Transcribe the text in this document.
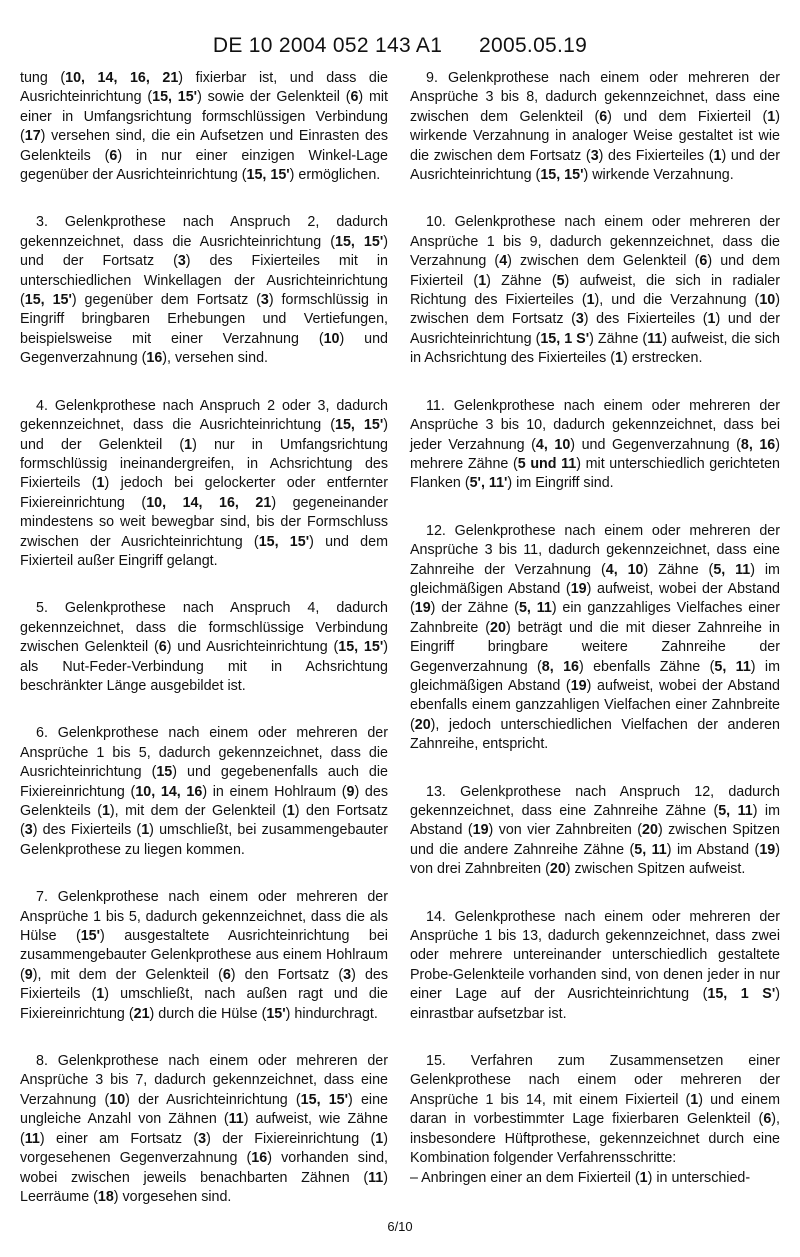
DE 10 2004 052 143 A1 2005.05.19

tung (10, 14, 16, 21) fixierbar ist, und dass die Ausrichteinrichtung (15, 15') sowie der Gelenkteil (6) mit einer in Umfangsrichtung formschlüssigen Verbindung (17) versehen sind, die ein Aufsetzen und Einrasten des Gelenkteils (6) in nur einer einzigen Winkel-Lage gegenüber der Ausrichteinrichtung (15, 15') ermöglichen.

3. Gelenkprothese nach Anspruch 2, dadurch gekennzeichnet, dass die Ausrichteinrichtung (15, 15') und der Fortsatz (3) des Fixierteiles mit in unterschiedlichen Winkellagen der Ausrichteinrichtung (15, 15') gegenüber dem Fortsatz (3) formschlüssig in Eingriff bringbaren Erhebungen und Vertiefungen, beispielsweise mit einer Verzahnung (10) und Gegenverzahnung (16), versehen sind.

4. Gelenkprothese nach Anspruch 2 oder 3, dadurch gekennzeichnet, dass die Ausrichteinrichtung (15, 15') und der Gelenkteil (1) nur in Umfangsrichtung formschlüssig ineinandergreifen, in Achsrichtung des Fixierteils (1) jedoch bei gelockerter oder entfernter Fixiereinrichtung (10, 14, 16, 21) gegeneinander mindestens so weit bewegbar sind, bis der Formschluss zwischen der Ausrichteinrichtung (15, 15') und dem Fixierteil außer Eingriff gelangt.

5. Gelenkprothese nach Anspruch 4, dadurch gekennzeichnet, dass die formschlüssige Verbindung zwischen Gelenkteil (6) und Ausrichteinrichtung (15, 15') als Nut-Feder-Verbindung mit in Achsrichtung beschränkter Länge ausgebildet ist.

6. Gelenkprothese nach einem oder mehreren der Ansprüche 1 bis 5, dadurch gekennzeichnet, dass die Ausrichteinrichtung (15) und gegebenenfalls auch die Fixiereinrichtung (10, 14, 16) in einem Hohlraum (9) des Gelenkteils (1), mit dem der Gelenkteil (1) den Fortsatz (3) des Fixierteils (1) umschließt, bei zusammengebauter Gelenkprothese zu liegen kommen.

7. Gelenkprothese nach einem oder mehreren der Ansprüche 1 bis 5, dadurch gekennzeichnet, dass die als Hülse (15') ausgestaltete Ausrichteinrichtung bei zusammengebauter Gelenkprothese aus einem Hohlraum (9), mit dem der Gelenkteil (6) den Fortsatz (3) des Fixierteils (1) umschließt, nach außen ragt und die Fixiereinrichtung (21) durch die Hülse (15') hindurchragt.

8. Gelenkprothese nach einem oder mehreren der Ansprüche 3 bis 7, dadurch gekennzeichnet, dass eine Verzahnung (10) der Ausrichteinrichtung (15, 15') eine ungleiche Anzahl von Zähnen (11) aufweist, wie Zähne (11) einer am Fortsatz (3) der Fixiereinrichtung (1) vorgesehenen Gegenverzahnung (16) vorhanden sind, wobei zwischen jeweils benachbarten Zähnen (11) Leerräume (18) vorgesehen sind.

9. Gelenkprothese nach einem oder mehreren der Ansprüche 3 bis 8, dadurch gekennzeichnet, dass eine zwischen dem Gelenkteil (6) und dem Fixierteil (1) wirkende Verzahnung in analoger Weise gestaltet ist wie die zwischen dem Fortsatz (3) des Fixierteiles (1) und der Ausrichteinrichtung (15, 15') wirkende Verzahnung.

10. Gelenkprothese nach einem oder mehreren der Ansprüche 1 bis 9, dadurch gekennzeichnet, dass die Verzahnung (4) zwischen dem Gelenkteil (6) und dem Fixierteil (1) Zähne (5) aufweist, die sich in radialer Richtung des Fixierteiles (1), und die Verzahnung (10) zwischen dem Fortsatz (3) des Fixierteiles (1) und der Ausrichteinrichtung (15, 1 S') Zähne (11) aufweist, die sich in Achsrichtung des Fixierteiles (1) erstrecken.

11. Gelenkprothese nach einem oder mehreren der Ansprüche 3 bis 10, dadurch gekennzeichnet, dass bei jeder Verzahnung (4, 10) und Gegenverzahnung (8, 16) mehrere Zähne (5 und 11) mit unterschiedlich gerichteten Flanken (5', 11') im Eingriff sind.

12. Gelenkprothese nach einem oder mehreren der Ansprüche 3 bis 11, dadurch gekennzeichnet, dass eine Zahnreihe der Verzahnung (4, 10) Zähne (5, 11) im gleichmäßigen Abstand (19) aufweist, wobei der Abstand (19) der Zähne (5, 11) ein ganzzahliges Vielfaches einer Zahnbreite (20) beträgt und die mit dieser Zahnreihe in Eingriff bringbare weitere Zahnreihe der Gegenverzahnung (8, 16) ebenfalls Zähne (5, 11) im gleichmäßigen Abstand (19) aufweist, wobei der Abstand ebenfalls einem ganzzahligen Vielfachen einer Zahnbreite (20), jedoch unterschiedlichen Vielfachen der anderen Zahnreihe, entspricht.

13. Gelenkprothese nach Anspruch 12, dadurch gekennzeichnet, dass eine Zahnreihe Zähne (5, 11) im Abstand (19) von vier Zahnbreiten (20) zwischen Spitzen und die andere Zahnreihe Zähne (5, 11) im Abstand (19) von drei Zahnbreiten (20) zwischen Spitzen aufweist.

14. Gelenkprothese nach einem oder mehreren der Ansprüche 1 bis 13, dadurch gekennzeichnet, dass zwei oder mehrere untereinander unterschiedlich gestaltete Probe-Gelenkteile vorhanden sind, von denen jeder in nur einer Lage auf der Ausrichteinrichtung (15, 1 S') einrastbar aufsetzbar ist.

15. Verfahren zum Zusammensetzen einer Gelenkprothese nach einem oder mehreren der Ansprüche 1 bis 14, mit einem Fixierteil (1) und einem daran in vorbestimmter Lage fixierbaren Gelenkteil (6), insbesondere Hüftprothese, gekennzeichnet durch eine Kombination folgender Verfahrensschritte:
– Anbringen einer an dem Fixierteil (1) in unterschied-

6/10
